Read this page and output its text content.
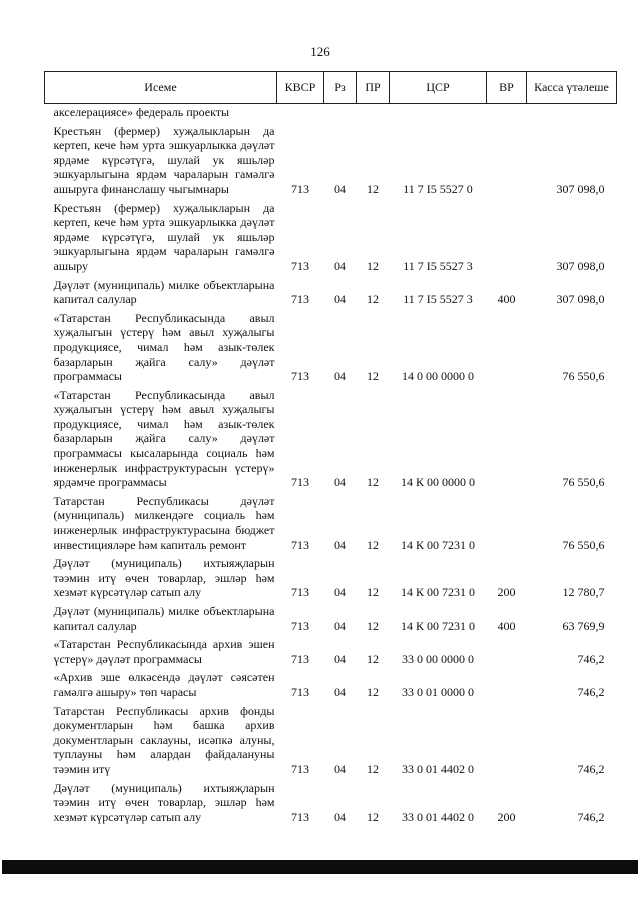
126
Исеме	КВСР	Рз	ПР	ЦСР	ВР	Касса үтәлеше
акселерациясе» федераль проекты						
Крестьян (фермер) хуҗалыкларын да кертеп, кече һәм урта эшкуарлыкка дәүләт ярдәме күрсәтүгә, шулай ук яшьләр эшкуарлыгына ярдәм чараларын гамәлгә ашыруга финанслашу чыгымнары	713	04	12	11 7 I5 5527 0		307 098,0
Крестьян (фермер) хуҗалыкларын да кертеп, кече һәм урта эшкуарлыкка дәүләт ярдәме күрсәтүгә, шулай ук яшьләр эшкуарлыгына ярдәм чараларын гамәлгә ашыру	713	04	12	11 7 I5 5527 3		307 098,0
Дәүләт (муниципаль) милке объектларына капитал салулар	713	04	12	11 7 I5 5527 3	400	307 098,0
«Татарстан Республикасында авыл хуҗалыгын үстерү һәм авыл хуҗалыгы продукциясе, чимал һәм азык-төлек базарларын җайга салу» дәүләт программасы	713	04	12	14 0 00 0000 0		76 550,6
«Татарстан Республикасында авыл хуҗалыгын үстерү һәм авыл хуҗалыгы продукциясе, чимал һәм азык-төлек базарларын җайга салу» дәүләт программасы кысаларында социаль һәм инженерлык инфраструктурасын үстерү» ярдәмче программасы	713	04	12	14 К 00 0000 0		76 550,6
Татарстан Республикасы дәүләт (муниципаль) милкендәге социаль һәм инженерлык инфраструктурасына бюджет инвестицияләре һәм капиталь ремонт	713	04	12	14 К 00 7231 0		76 550,6
Дәүләт (муниципаль) ихтыяҗларын тәэмин итү өчен товарлар, эшләр һәм хезмәт күрсәтүләр сатып алу	713	04	12	14 К 00 7231 0	200	12 780,7
Дәүләт (муниципаль) милке объектларына капитал салулар	713	04	12	14 К 00 7231 0	400	63 769,9
«Татарстан Республикасында архив эшен үстерү» дәүләт программасы	713	04	12	33 0 00 0000 0		746,2
«Архив эше өлкәсендә дәүләт сәясәтен гамәлгә ашыру» төп чарасы	713	04	12	33 0 01 0000 0		746,2
Татарстан Республикасы архив фонды документларын һәм башка архив документларын саклауны, исәпкә алуны, туплауны һәм алардан файдалануны тәэмин итү	713	04	12	33 0 01 4402 0		746,2
Дәүләт (муниципаль) ихтыяҗларын тәэмин итү өчен товарлар, эшләр һәм хезмәт күрсәтүләр сатып алу	713	04	12	33 0 01 4402 0	200	746,2
